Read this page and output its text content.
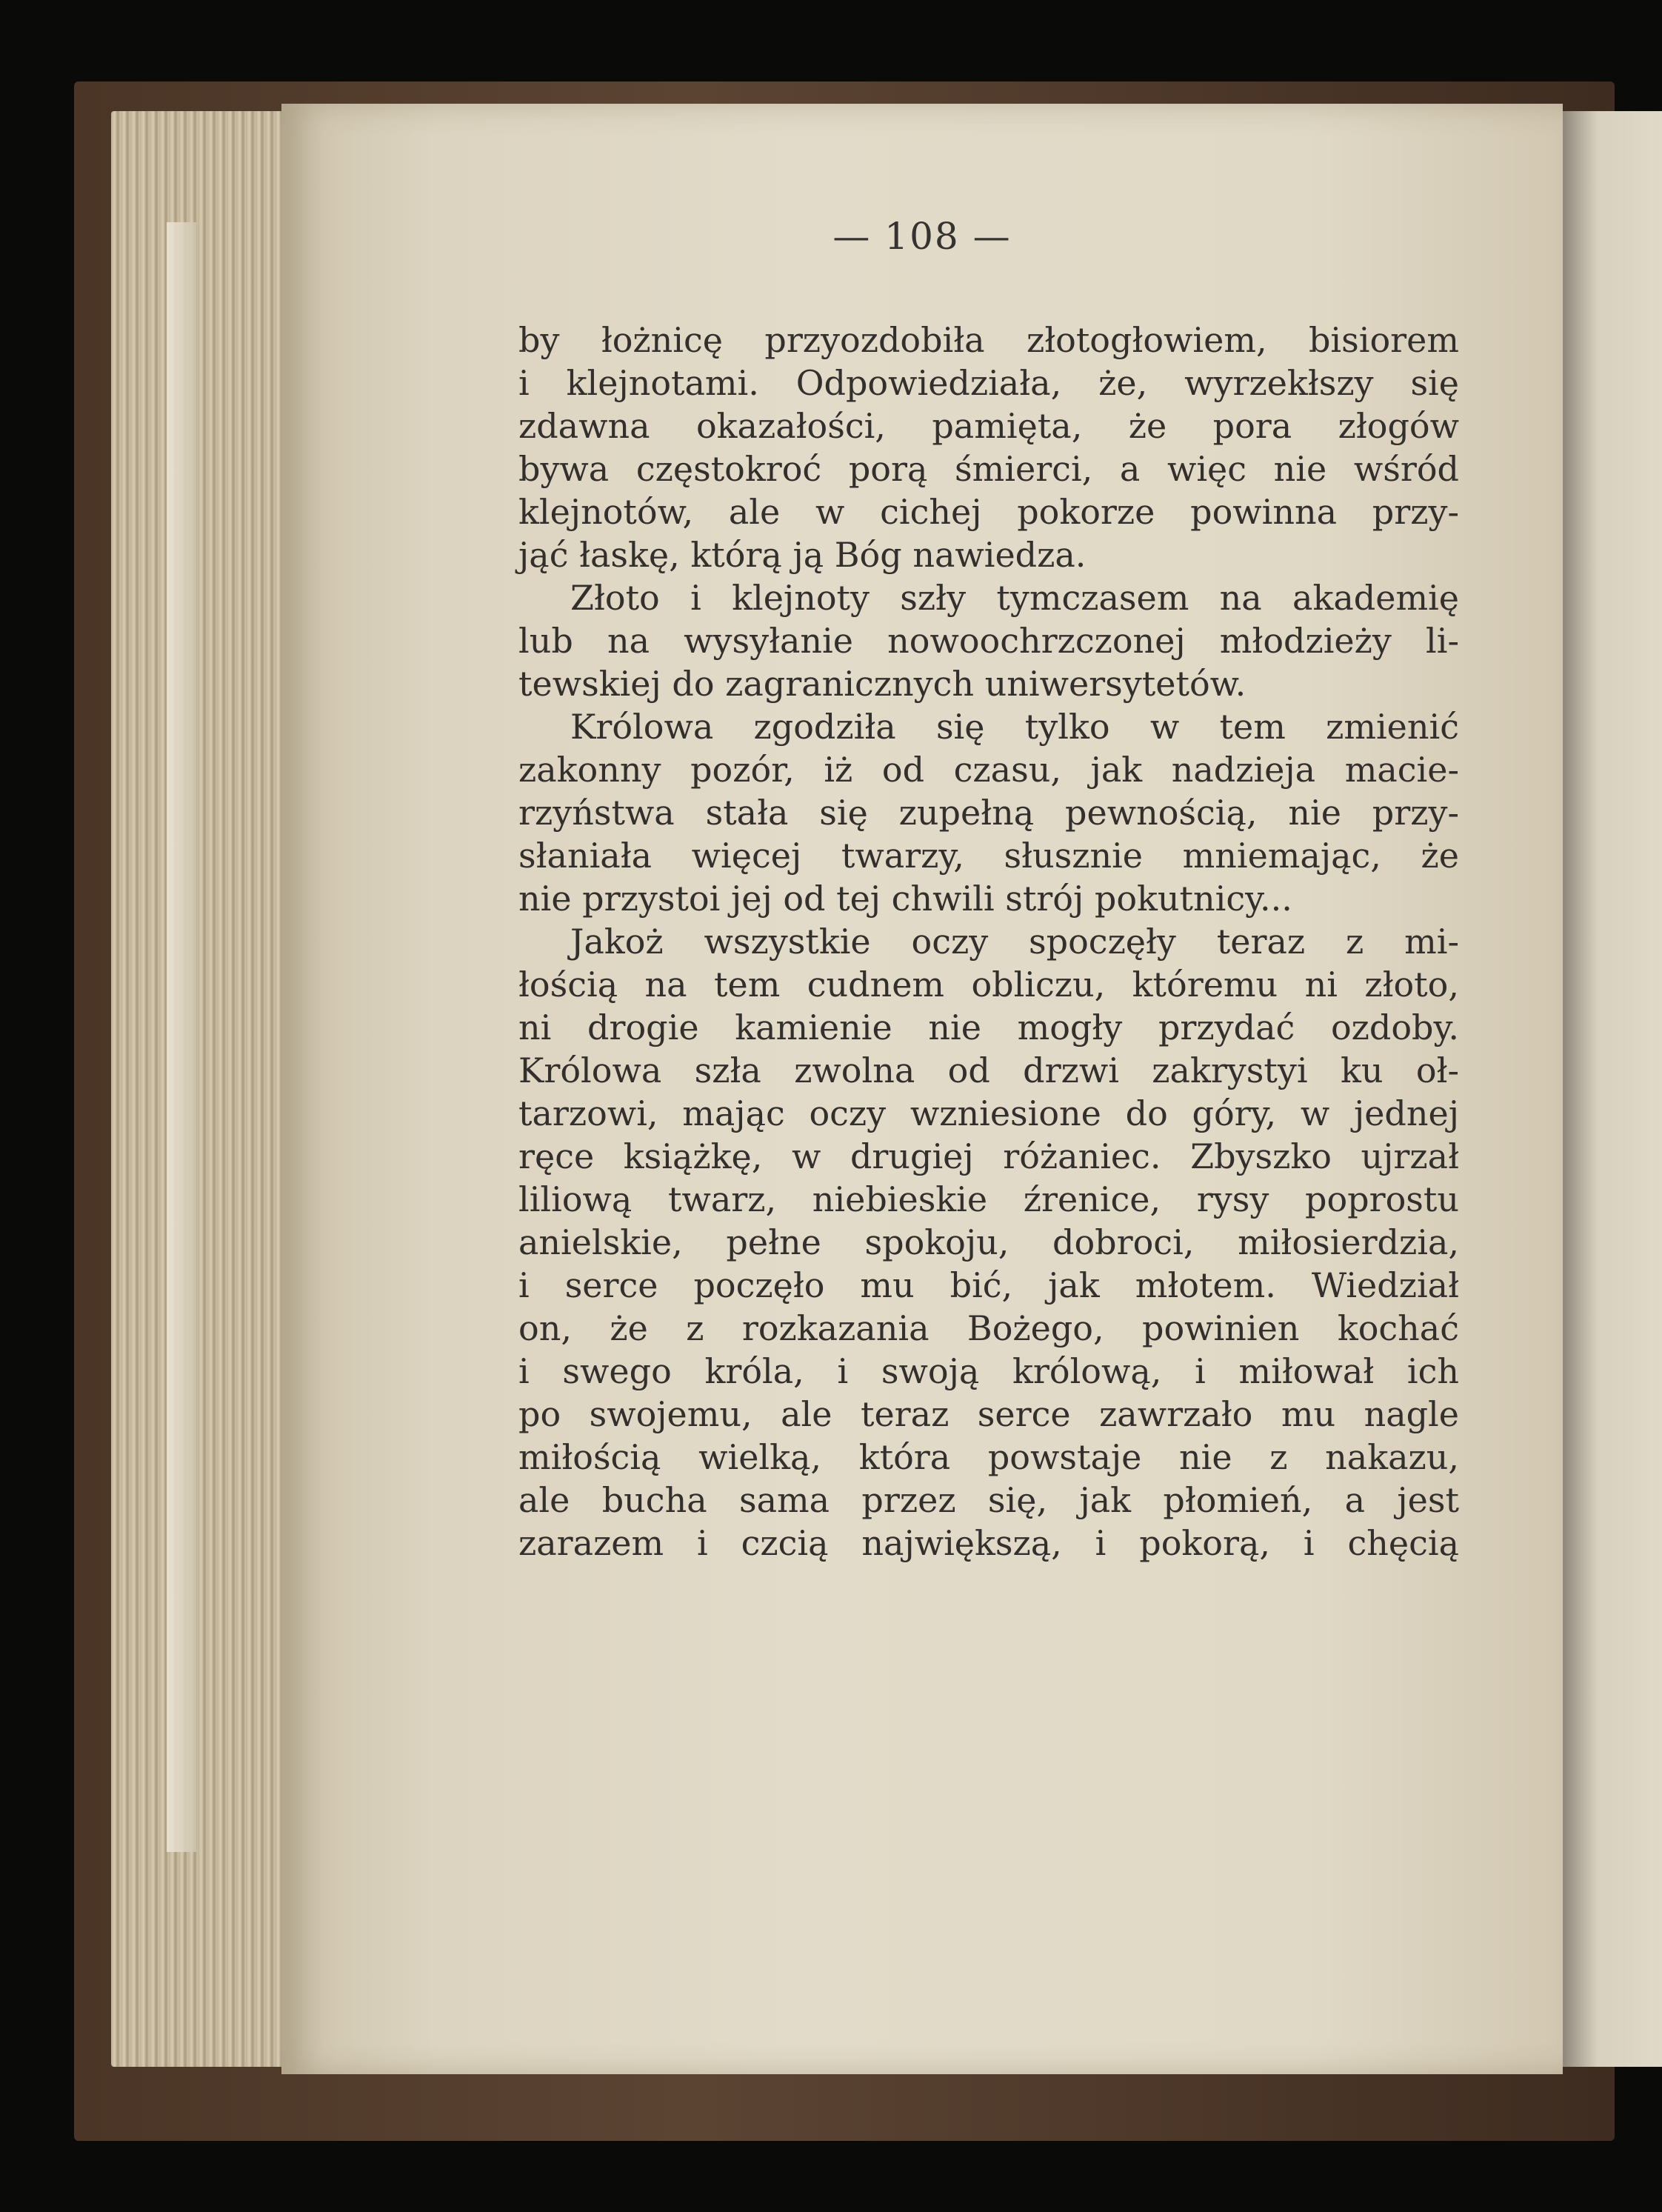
— 108 —
by łożnicę przyozdobiła złotogłowiem, bisiorem
i klejnotami. Odpowiedziała, że, wyrzekłszy się
zdawna okazałości, pamięta, że pora złogów
bywa częstokroć porą śmierci, a więc nie wśród
klejnotów, ale w cichej pokorze powinna przy-
jąć łaskę, którą ją Bóg nawiedza.
Złoto i klejnoty szły tymczasem na akademię
lub na wysyłanie nowoochrzczonej młodzieży li-
tewskiej do zagranicznych uniwersytetów.
Królowa zgodziła się tylko w tem zmienić
zakonny pozór, iż od czasu, jak nadzieja macie-
rzyństwa stała się zupełną pewnością, nie przy-
słaniała więcej twarzy, słusznie mniemając, że
nie przystoi jej od tej chwili strój pokutnicy...
Jakoż wszystkie oczy spoczęły teraz z mi-
łością na tem cudnem obliczu, któremu ni złoto,
ni drogie kamienie nie mogły przydać ozdoby.
Królowa szła zwolna od drzwi zakrystyi ku oł-
tarzowi, mając oczy wzniesione do góry, w jednej
ręce książkę, w drugiej różaniec. Zbyszko ujrzał
liliową twarz, niebieskie źrenice, rysy poprostu
anielskie, pełne spokoju, dobroci, miłosierdzia,
i serce poczęło mu bić, jak młotem. Wiedział
on, że z rozkazania Bożego, powinien kochać
i swego króla, i swoją królową, i miłował ich
po swojemu, ale teraz serce zawrzało mu nagle
miłością wielką, która powstaje nie z nakazu,
ale bucha sama przez się, jak płomień, a jest
zarazem i czcią największą, i pokorą, i chęcią
